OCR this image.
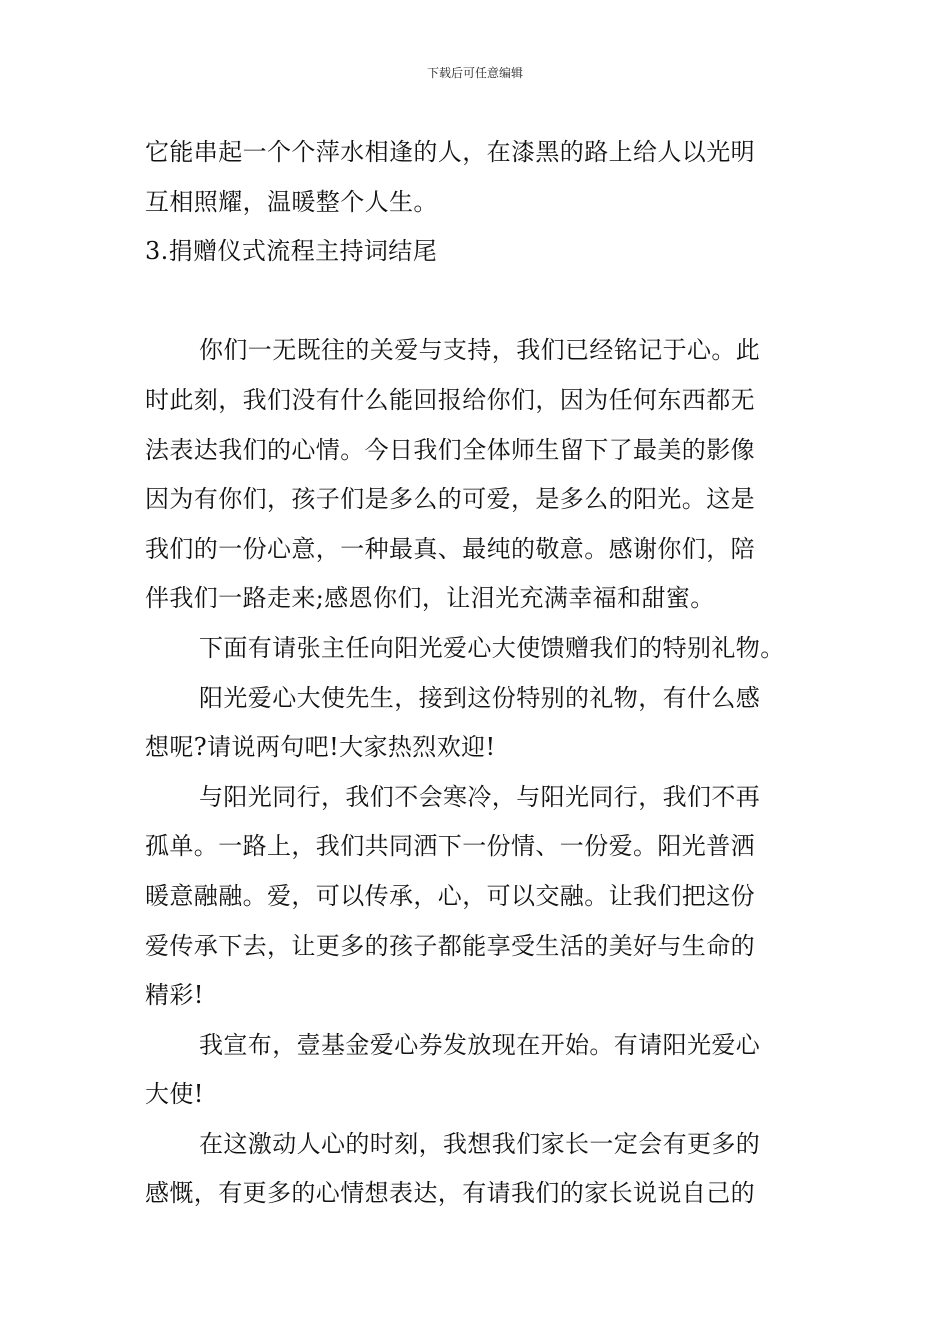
下载后可任意编辑
它能串起一个个萍水相逢的人，在漆黑的路上给人以光明
互相照耀，温暖整个人生。
3.捐赠仪式流程主持词结尾
你们一无既往的关爱与支持，我们已经铭记于心。此
时此刻，我们没有什么能回报给你们，因为任何东西都无
法表达我们的心情。今日我们全体师生留下了最美的影像
因为有你们，孩子们是多么的可爱，是多么的阳光。这是
我们的一份心意，一种最真、最纯的敬意。感谢你们，陪
伴我们一路走来;感恩你们，让泪光充满幸福和甜蜜。
下面有请张主任向阳光爱心大使馈赠我们的特别礼物。
阳光爱心大使先生，接到这份特别的礼物，有什么感
想呢?请说两句吧!大家热烈欢迎!
与阳光同行，我们不会寒冷，与阳光同行，我们不再
孤单。一路上，我们共同洒下一份情、一份爱。阳光普洒
暖意融融。爱，可以传承，心，可以交融。让我们把这份
爱传承下去，让更多的孩子都能享受生活的美好与生命的
精彩!
我宣布，壹基金爱心券发放现在开始。有请阳光爱心
大使!
在这激动人心的时刻，我想我们家长一定会有更多的
感慨，有更多的心情想表达，有请我们的家长说说自己的
